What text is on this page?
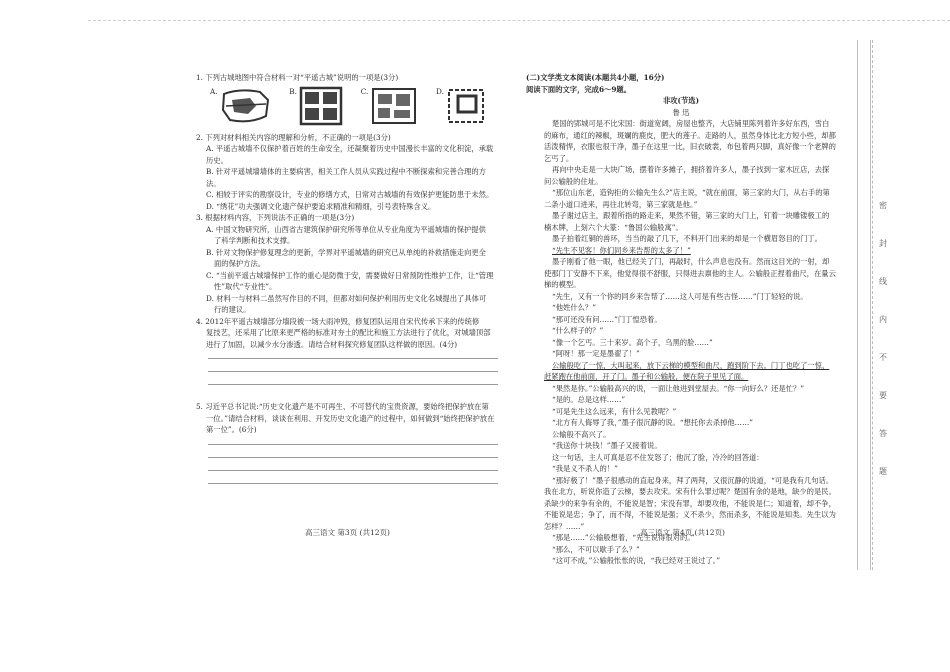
1. 下列古城地图中符合材料一对“平遥古城”说明的一项是(3分)

A.	B.	C.	D.

2. 下列对材料相关内容的理解和分析，不正确的一项是(3分)

A. 平遥古城墙不仅保护着百姓的生命安全，还凝聚着历史中国漫长丰富的文化积淀，承载历史。

B. 针对平遥城墙墙体的主要病害，相关工作人员从实践过程中不断探索和完善合理的方法。

C. 相较于评实的勘察设计，专业的修缮方式，日常对古城墙的有效保护更能防患于未然。

D. “绣花”功夫强调文化遗产保护要追求精准和精细，引号表特殊含义。

3. 根据材料内容，下列说法不正确的一项是(3分)

A. 中国文物研究所，山西省古建筑保护研究所等单位从专业角度为平遥城墙的保护提供

了科学判断和技术支撑。

B. 针对文物保护修复理念的更新，学界对平遥城墙的研究已从单纯的补救措施走向更全

面的保护方法。

C. “当前平遥古城墙保护工作的重心是防微于安，需要做好日常预防性维护工作，让“管理

性”取代“专业性”。

D. 材料一与材料二虽然写作目的不同，但都对如何保护利用历史文化名城提出了具体可

行的建议。

4. 2012年平遥古城墙部分墙段被一场大雨冲毁，修复团队运用自宋代传承下来的传统修

复技艺，还采用了比原来更严格的标准对夯土的配比和施工方法进行了优化，对城墙顶部

进行了加固，以减少水分渗透。请结合材料探究修复团队这样做的原因。(4分)

5. 习近平总书记说:“历史文化遗产是不可再生、不可替代的宝贵资源，要始终把保护放在第

一位。”请结合材料，谈谈在利用、开发历史文化遗产的过程中，如何做到“始终把保护放在

第一位”。(6分)

高三语文 第3页 (共12页)

(二)文学类文本阅读(本题共4小题，16分)

阅读下面的文字，完成6～9题。

非攻(节选)

鲁 迅

楚国的郢城可是不比宋国：街道宽阔，房屋也整齐，大店铺里陈列着许多好东西，雪白的麻布，通红的辣椒，斑斓的鹿皮，肥大的莲子。走路的人，虽然身体比北方短小些，却都活泼精悍，衣服也很干净，墨子在这里一比，旧衣破裳，布包着两只脚，真好像一个老牌的乞丐了。

再向中央走是一大块广场，摆着许多摊子，拥挤着许多人，墨子找到一家木匠店，去探问公输般的住址。

“那位山东老，造钩拒的公输先生么?”店主说，“就在前面，第三家的大门，从右手的第二条小道口进来，再往北转弯，第三家就是他。”

墨子谢过店主，跟着所指的路走来，果然不错，第三家的大门上，钉着一块雕镂极工的楠木牌，上刻六个大篆：“鲁国公输般寓”。

墨子拍着红铜的兽环，当当的敲了几下，不料开门出来的却是一个横眉怒目的门丁。

“先生不见客！你们同乡来告帮的太多了！”

墨子刚看了他一眼，他已经关了门，再敲时，什么声息也没有。然而这目光的一射，却使那门丁安静不下来，他觉得很不舒服，只得进去禀他的主人。公输般正捏着曲尺，在量云梯的模型。

“先生，又有一个你的同乡来告帮了……这人可是有些古怪……”门丁轻轻的说。

“他姓什么？”

“那可还没有问……”门丁惶恐着。

“什么样子的？”

“像一个乞丐。三十来岁。高个子，乌黑的脸……”

“阿呀！那一定是墨翟了！”

公输般吃了一惊，大叫起来，放下云梯的模型和曲尺，跑到阶下去。门丁也吃了一惊，赶紧跑在他前面，开了门。墨子和公输般，便在院子里见了面。

“果然是你。”公输般高兴的说，一面让他进到堂屋去。“你一向好么？还是忙？”

“是的。总是这样……”

“可是先生这么远来，有什么见教呢？”

“北方有人侮辱了我，”墨子很沉静的说。“想托你去杀掉他……”

公输般不高兴了。

“我送你十块钱！”墨子又接着说。

这一句话，主人可真是忍不住发怒了；他沉了脸，冷冷的回答道：

“我是义不杀人的！”

“那好极了！”墨子很感动的直起身来，拜了两拜，又很沉静的说道，“可是我有几句话。我在北方，听说你造了云梯，要去攻宋。宋有什么罪过呢？楚国有余的是地，缺少的是民。杀缺少的来争有余的，不能说是智；宋没有罪，却要攻他，不能说是仁；知道着，却不争，不能说是忠；争了，而不得，不能说是强；义不杀少，然而杀多，不能说是知类。先生以为怎样？……”

“那是……”公输般想着，“先生说得很对的。”

“那么，不可以歇手了么？”

“这可不成，”公输般怅怅的说，“我已经对王说过了。”

高三语文 第4页 (共12页)
密
封
线
内
不
要
答
题
